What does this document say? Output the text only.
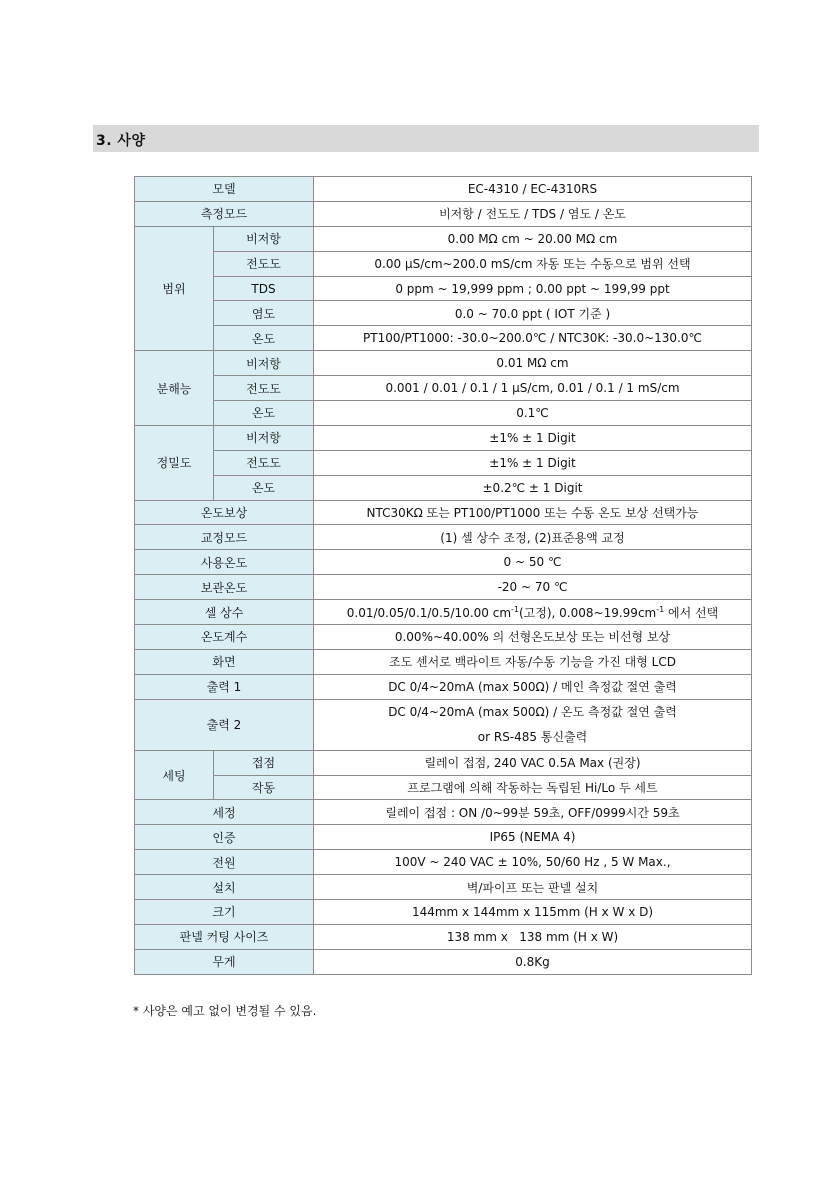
3. 사양
모델		EC-4310 / EC-4310RS
측정모드		비저항 / 전도도 / TDS / 염도 / 온도
범위	비저항	0.00 MΩ cm ~ 20.00 MΩ cm
	전도도	0.00 µS/cm~200.0 mS/cm 자동 또는 수동으로 범위 선택
	TDS	0 ppm ~ 19,999 ppm ; 0.00 ppt ~ 199,99 ppt
	염도	0.0 ~ 70.0 ppt ( IOT 기준 )
	온도	PT100/PT1000: -30.0~200.0℃ / NTC30K: -30.0~130.0℃
분해능	비저항	0.01 MΩ cm
	전도도	0.001 / 0.01 / 0.1 / 1 µS/cm, 0.01 / 0.1 / 1 mS/cm
	온도	0.1℃
정밀도	비저항	±1% ± 1 Digit
	전도도	±1% ± 1 Digit
	온도	±0.2℃ ± 1 Digit
온도보상		NTC30KΩ 또는 PT100/PT1000 또는 수동 온도 보상 선택가능
교정모드		(1) 셀 상수 조정, (2)표준용액 교정
사용온도		0 ~ 50 ℃
보관온도		-20 ~ 70 ℃
셀 상수		0.01/0.05/0.1/0.5/10.00 $cm^{-1}$(고정), $0.008\sim 19.99cm^{-1}$ 에서 선택
온도계수		0.00%~40.00% 의 선형온도보상 또는 비선형 보상
화면		조도 센서로 백라이트 자동/수동 기능을 가진 대형 LCD
출력 1		DC 0/4~20mA (max 500Ω) / 메인 측정값 절연 출력
출력 2		DC 0/4~20mA (max 500Ω) / 온도 측정값 절연 출력
or RS-485 통신출력

세팅	접점	릴레이 접점, 240 VAC 0.5A Max (권장)
	작동	프로그램에 의해 작동하는 독립된 Hi/Lo 두 세트
세정		릴레이 접점 : ON /0~99분 59초, OFF/0999시간 59초
인증		IP65 (NEMA 4)
전원		100V ~ 240 VAC ± 10%, 50/60 Hz , 5 W Max.,
설치		벽/파이프 또는 판넬 설치
크기		144mm x 144mm x 115mm (H x W x D)
판넬 커팅 사이즈		138 mm x   138 mm (H x W)
무게		0.8Kg
* 사양은 예고 없이 변경될 수 있음.
